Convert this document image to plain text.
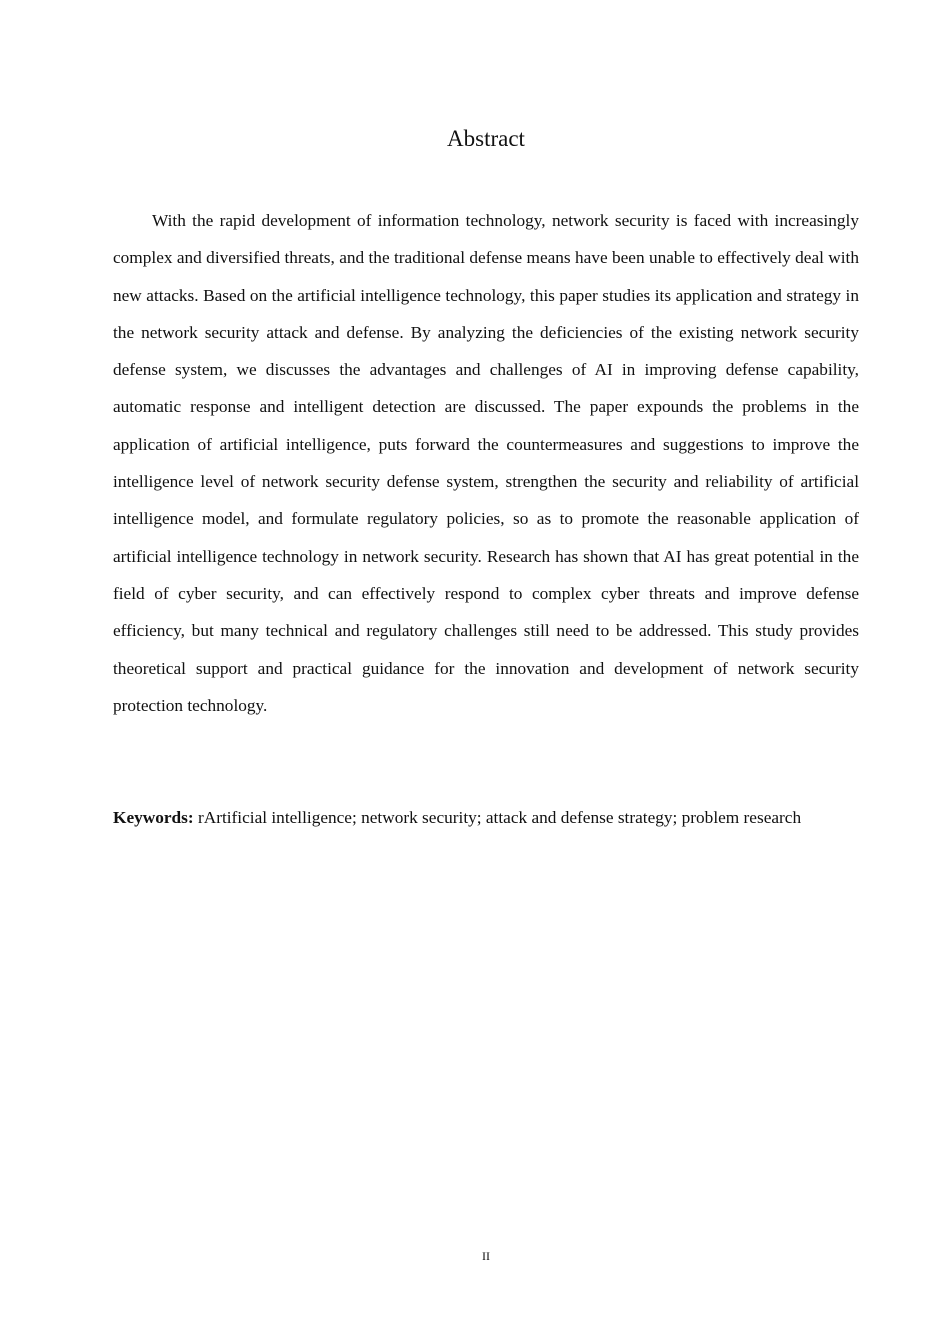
Abstract

With the rapid development of information technology, network security is faced with increasingly complex and diversified threats, and the traditional defense means have been unable to effectively deal with new attacks. Based on the artificial intelligence technology, this paper studies its application and strategy in the network security attack and defense. By analyzing the deficiencies of the existing network security defense system, we discusses the advantages and challenges of AI in improving defense capability, automatic response and intelligent detection are discussed. The paper expounds the problems in the application of artificial intelligence, puts forward the countermeasures and suggestions to improve the intelligence level of network security defense system, strengthen the security and reliability of artificial intelligence model, and formulate regulatory policies, so as to promote the reasonable application of artificial intelligence technology in network security. Research has shown that AI has great potential in the field of cyber security, and can effectively respond to complex cyber threats and improve defense efficiency, but many technical and regulatory challenges still need to be addressed. This study provides theoretical support and practical guidance for the innovation and development of network security protection technology.

Keywords: rArtificial intelligence; network security; attack and defense strategy; problem research

II
